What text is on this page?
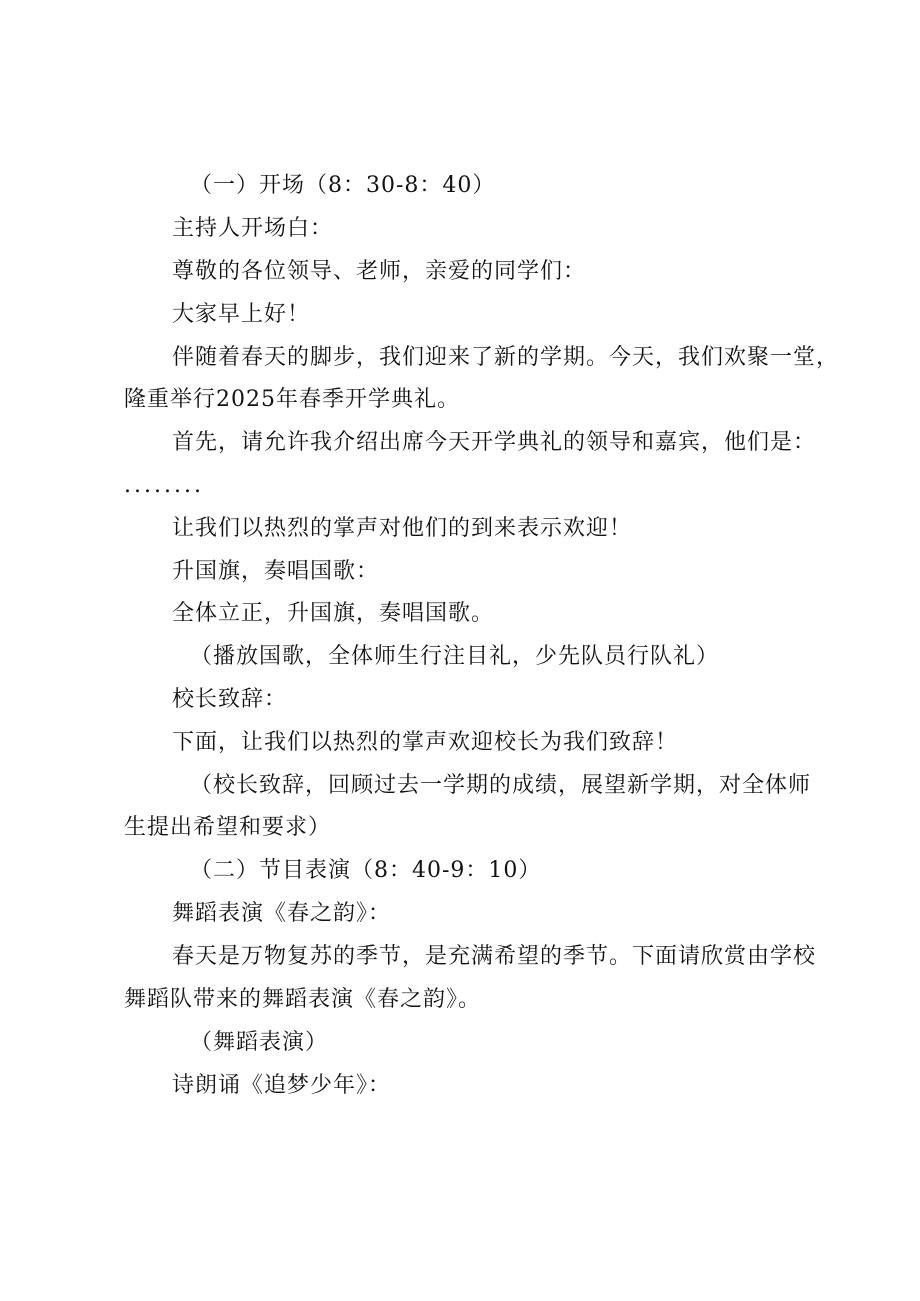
（一）开场（8：30-8：40）
主持人开场白：
尊敬的各位领导、老师，亲爱的同学们：
大家早上好！
伴随着春天的脚步，我们迎来了新的学期。今天，我们欢聚一堂，
隆重举行2025年春季开学典礼。
首先，请允许我介绍出席今天开学典礼的领导和嘉宾，他们是：
........
让我们以热烈的掌声对他们的到来表示欢迎！
升国旗，奏唱国歌：
全体立正，升国旗，奏唱国歌。
（播放国歌，全体师生行注目礼，少先队员行队礼）
校长致辞：
下面，让我们以热烈的掌声欢迎校长为我们致辞！
（校长致辞，回顾过去一学期的成绩，展望新学期，对全体师
生提出希望和要求）
（二）节目表演（8：40-9：10）
舞蹈表演《春之韵》：
春天是万物复苏的季节，是充满希望的季节。下面请欣赏由学校
舞蹈队带来的舞蹈表演《春之韵》。
（舞蹈表演）
诗朗诵《追梦少年》：
